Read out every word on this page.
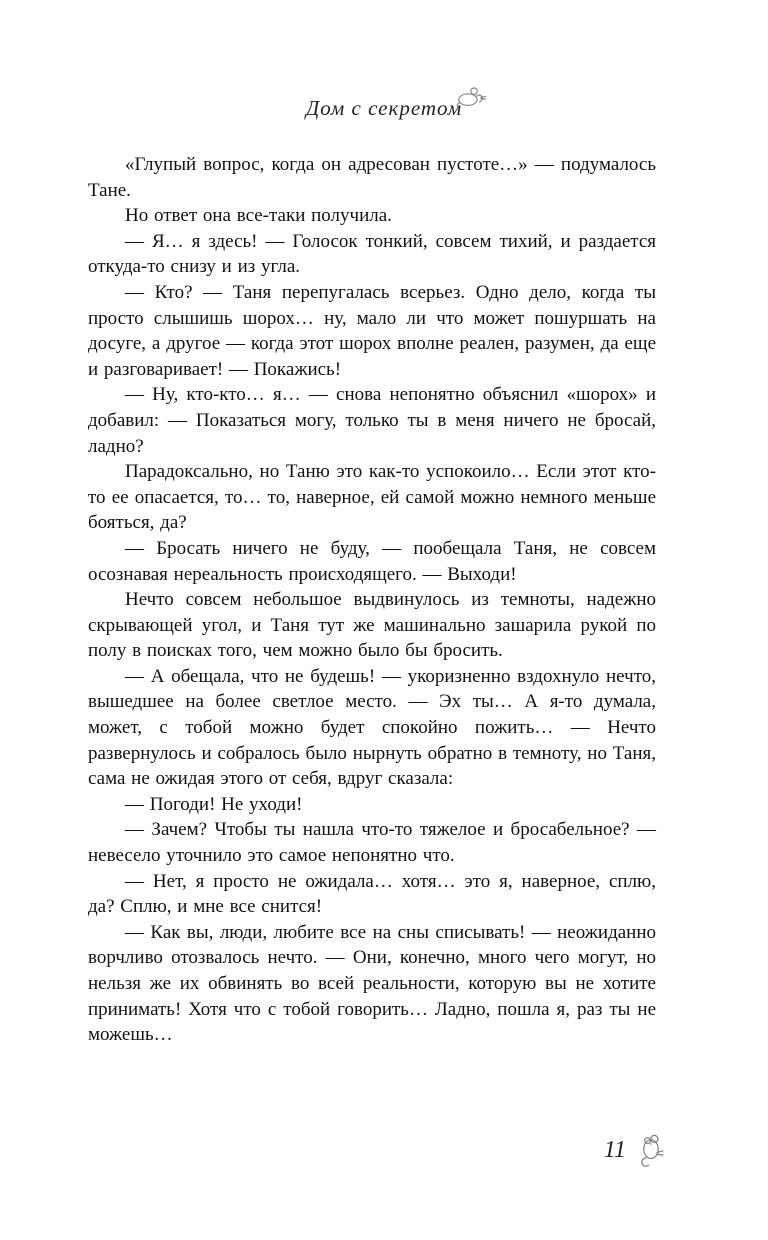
Дом с секретом

«Глупый вопрос, когда он адресован пустоте…» — подумалось Тане.

Но ответ она все-таки получила.

— Я… я здесь! — Голосок тонкий, совсем тихий, и раздается откуда-то снизу и из угла.

— Кто? — Таня перепугалась всерьез. Одно дело, когда ты просто слышишь шорох… ну, мало ли что может пошуршать на досуге, а другое — когда этот шорох вполне реален, разумен, да еще и разговаривает! — Покажись!

— Ну, кто-кто… я… — снова непонятно объяснил «шорох» и добавил: — Показаться могу, только ты в меня ничего не бросай, ладно?

Парадоксально, но Таню это как-то успокоило… Если этот кто-то ее опасается, то… то, наверное, ей самой можно немного меньше бояться, да?

— Бросать ничего не буду, — пообещала Таня, не совсем осознавая нереальность происходящего. — Выходи!

Нечто совсем небольшое выдвинулось из темноты, надежно скрывающей угол, и Таня тут же машинально зашарила рукой по полу в поисках того, чем можно было бы бросить.

— А обещала, что не будешь! — укоризненно вздохнуло нечто, вышедшее на более светлое место. — Эх ты… А я-то думала, может, с тобой можно будет спокойно пожить… — Нечто развернулось и собралось было нырнуть обратно в темноту, но Таня, сама не ожидая этого от себя, вдруг сказала:

— Погоди! Не уходи!

— Зачем? Чтобы ты нашла что-то тяжелое и бросабельное? — невесело уточнило это самое непонятно что.

— Нет, я просто не ожидала… хотя… это я, наверное, сплю, да? Сплю, и мне все снится!

— Как вы, люди, любите все на сны списывать! — неожиданно ворчливо отозвалось нечто. — Они, конечно, много чего могут, но нельзя же их обвинять во всей реальности, которую вы не хотите принимать! Хотя что с тобой говорить… Ладно, пошла я, раз ты не можешь…

11
